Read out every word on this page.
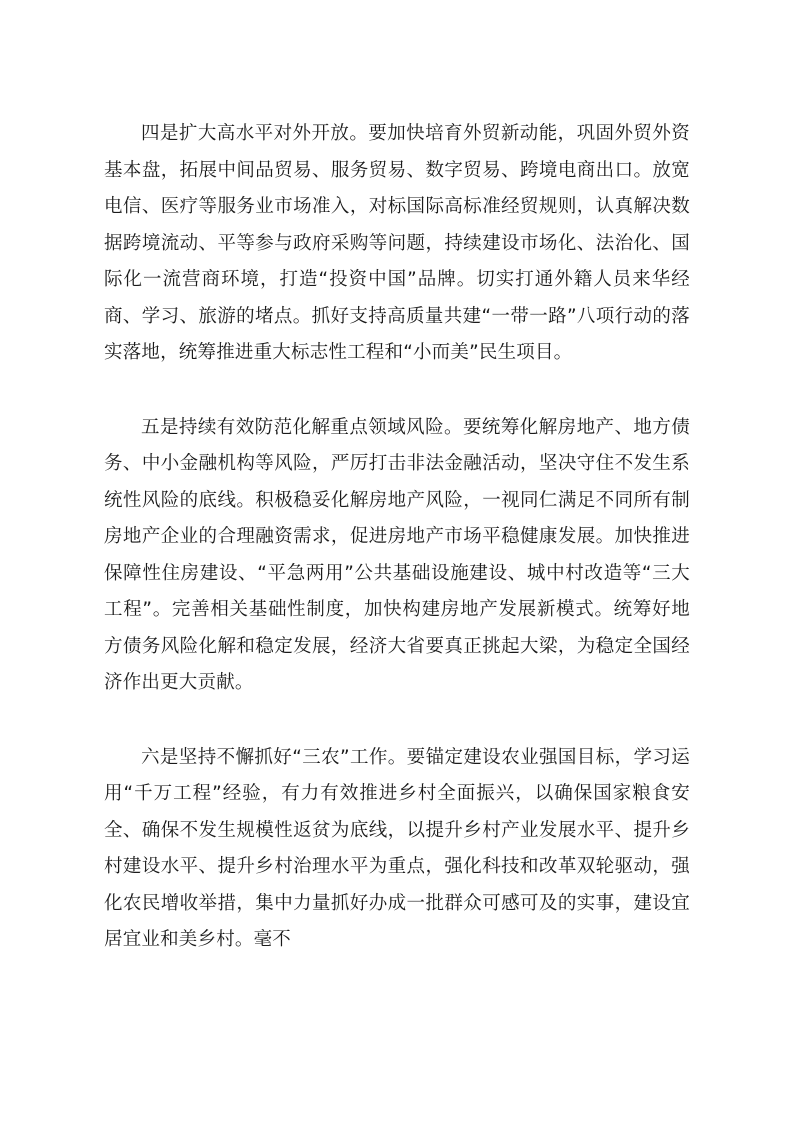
四是扩大高水平对外开放。要加快培育外贸新动能，巩固外贸外资基本盘，拓展中间品贸易、服务贸易、数字贸易、跨境电商出口。放宽电信、医疗等服务业市场准入，对标国际高标准经贸规则，认真解决数据跨境流动、平等参与政府采购等问题，持续建设市场化、法治化、国际化一流营商环境，打造“投资中国”品牌。切实打通外籍人员来华经商、学习、旅游的堵点。抓好支持高质量共建“一带一路”八项行动的落实落地，统筹推进重大标志性工程和“小而美”民生项目。

五是持续有效防范化解重点领域风险。要统筹化解房地产、地方债务、中小金融机构等风险，严厉打击非法金融活动，坚决守住不发生系统性风险的底线。积极稳妥化解房地产风险，一视同仁满足不同所有制房地产企业的合理融资需求，促进房地产市场平稳健康发展。加快推进保障性住房建设、“平急两用”公共基础设施建设、城中村改造等“三大工程”。完善相关基础性制度，加快构建房地产发展新模式。统筹好地方债务风险化解和稳定发展，经济大省要真正挑起大梁，为稳定全国经济作出更大贡献。

六是坚持不懈抓好“三农”工作。要锚定建设农业强国目标，学习运用“千万工程”经验，有力有效推进乡村全面振兴，以确保国家粮食安全、确保不发生规模性返贫为底线，以提升乡村产业发展水平、提升乡村建设水平、提升乡村治理水平为重点，强化科技和改革双轮驱动，强化农民增收举措，集中力量抓好办成一批群众可感可及的实事，建设宜居宜业和美乡村。毫不
